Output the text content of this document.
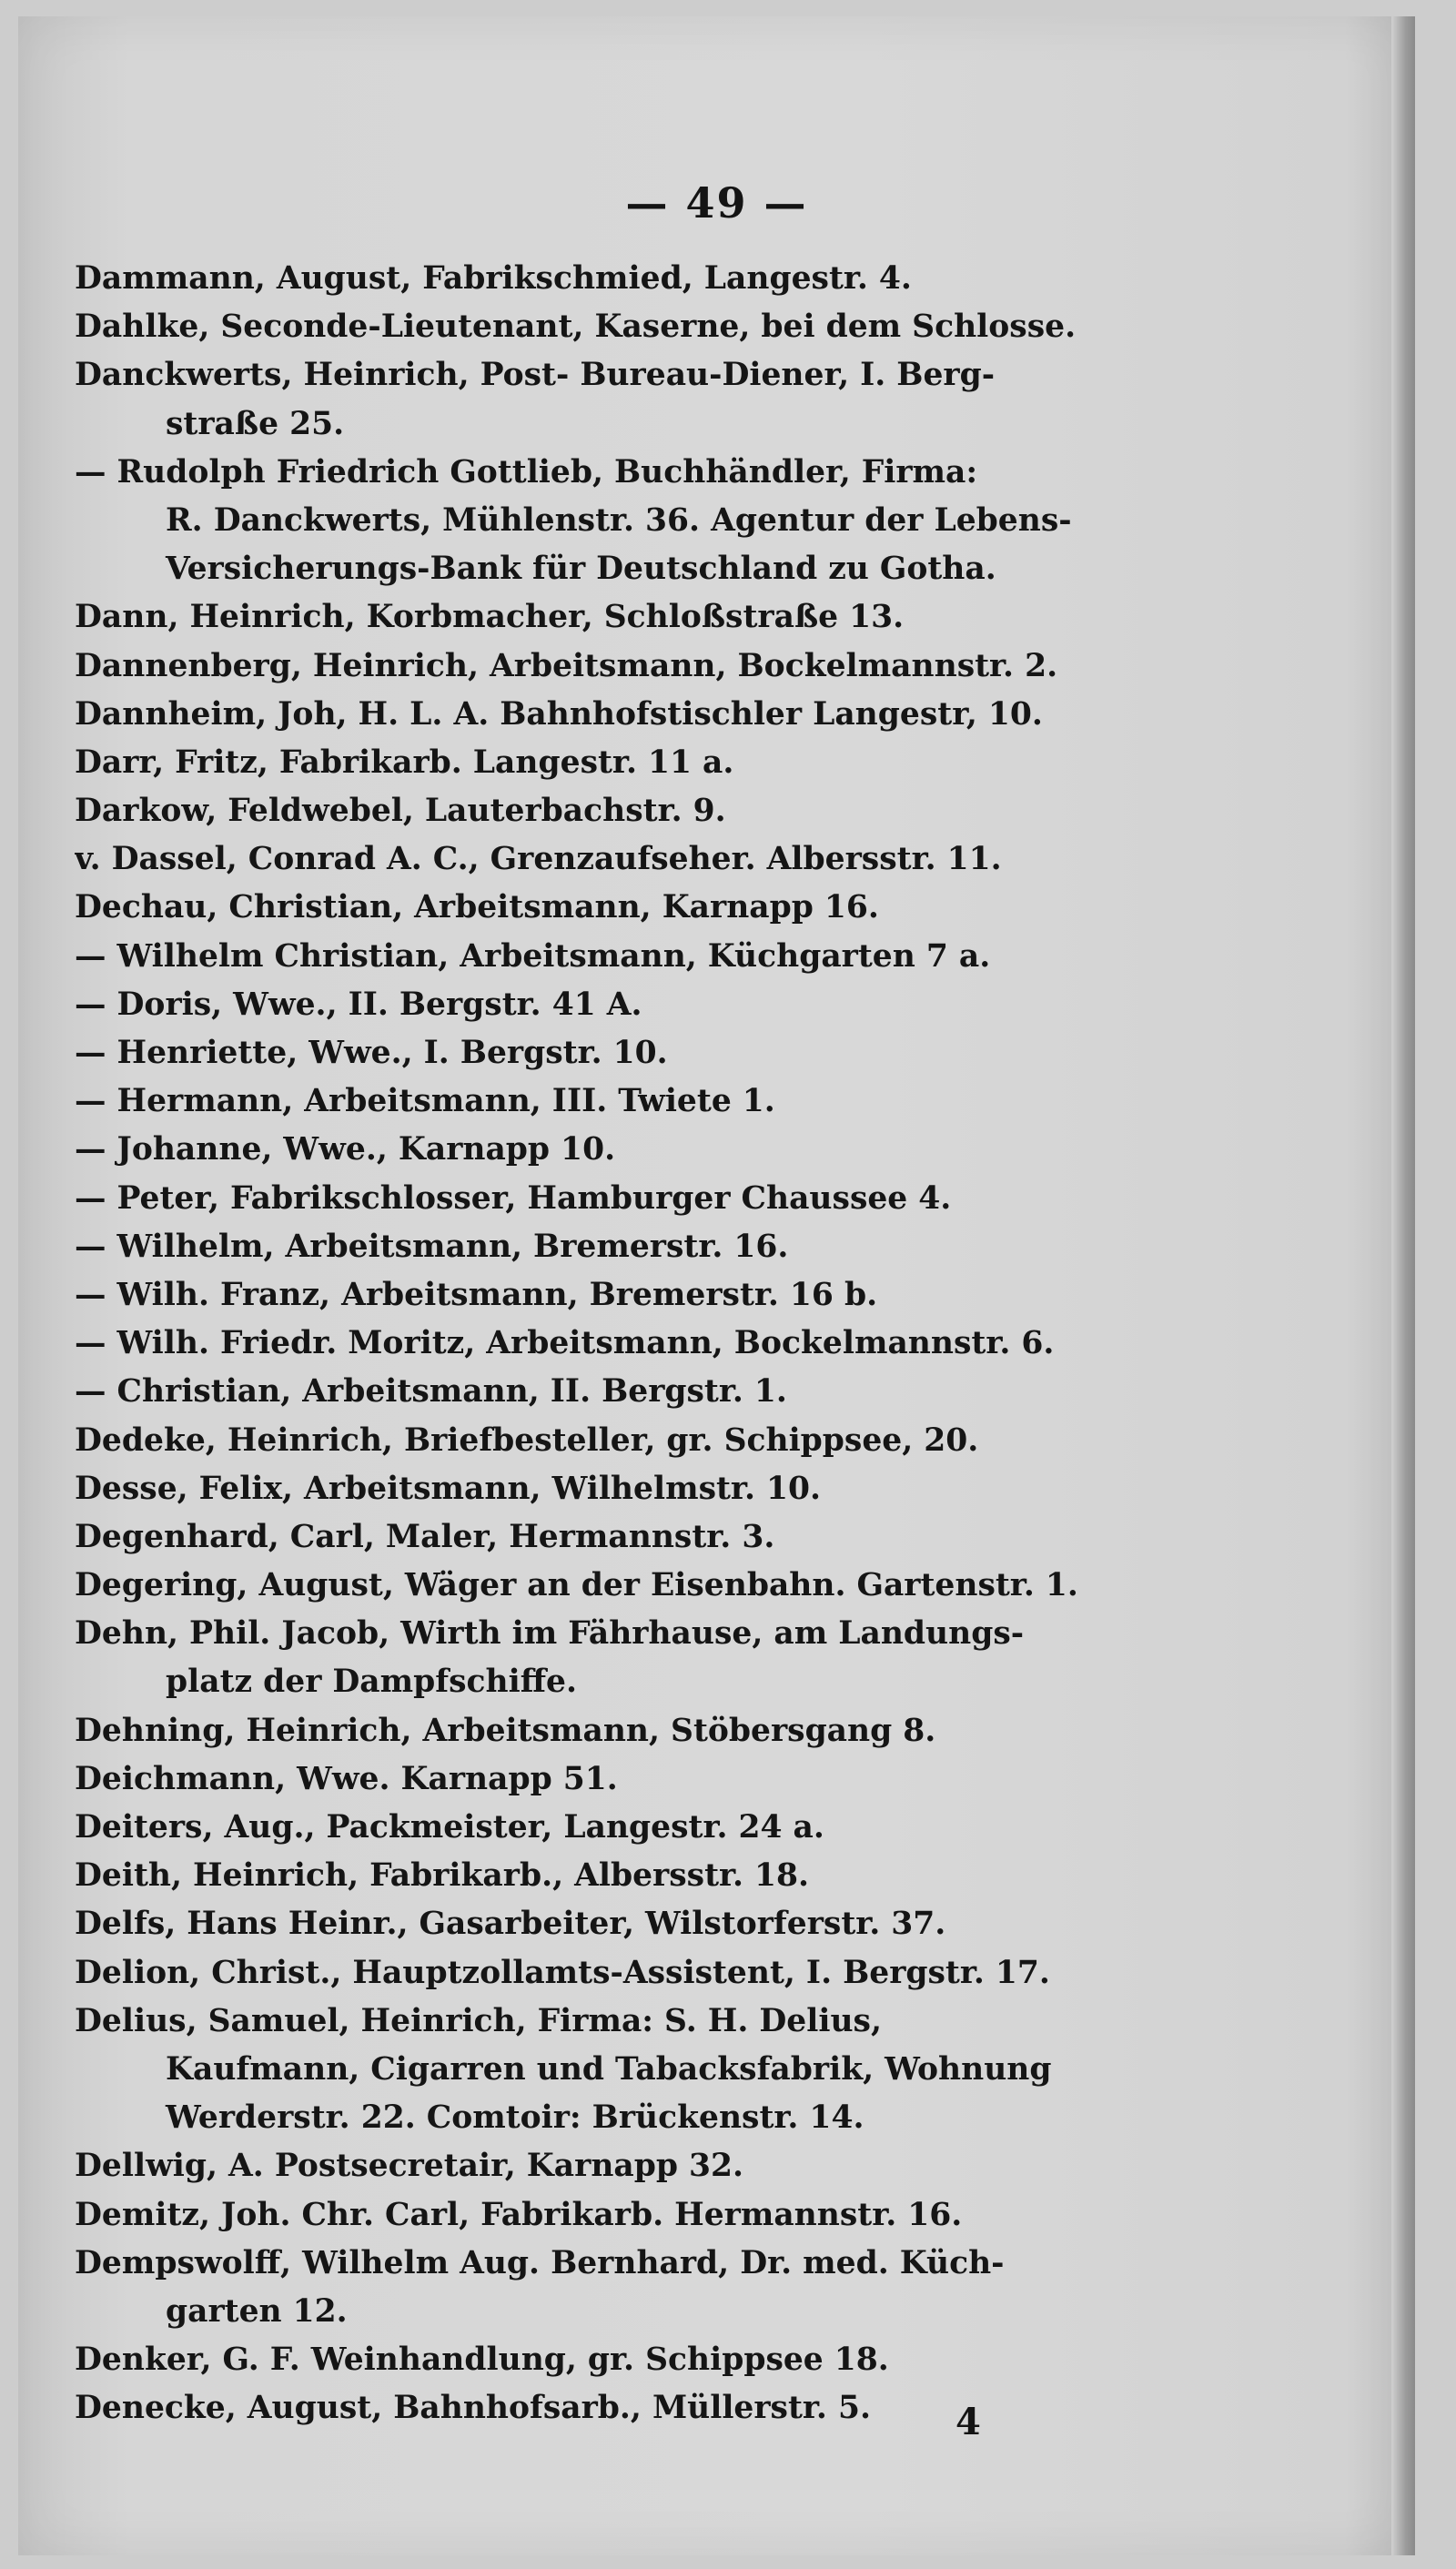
— 49 —
Dammann, August, Fabrikschmied, Langestr. 4.
Dahlke, Seconde-Lieutenant, Kaserne, bei dem Schlosse.
Danckwerts, Heinrich, Post- Bureau-Diener, I. Berg-
straße 25.
— Rudolph Friedrich Gottlieb, Buchhändler, Firma:
R. Danckwerts, Mühlenstr. 36. Agentur der Lebens-
Versicherungs-Bank für Deutschland zu Gotha.
Dann, Heinrich, Korbmacher, Schloßstraße 13.
Dannenberg, Heinrich, Arbeitsmann, Bockelmannstr. 2.
Dannheim, Joh, H. L. A. Bahnhofstischler Langestr, 10.
Darr, Fritz, Fabrikarb. Langestr. 11 a.
Darkow, Feldwebel, Lauterbachstr. 9.
v. Dassel, Conrad A. C., Grenzaufseher. Albersstr. 11.
Dechau, Christian, Arbeitsmann, Karnapp 16.
— Wilhelm Christian, Arbeitsmann, Küchgarten 7 a.
— Doris, Wwe., II. Bergstr. 41 A.
— Henriette, Wwe., I. Bergstr. 10.
— Hermann, Arbeitsmann, III. Twiete 1.
— Johanne, Wwe., Karnapp 10.
— Peter, Fabrikschlosser, Hamburger Chaussee 4.
— Wilhelm, Arbeitsmann, Bremerstr. 16.
— Wilh. Franz, Arbeitsmann, Bremerstr. 16 b.
— Wilh. Friedr. Moritz, Arbeitsmann, Bockelmannstr. 6.
— Christian, Arbeitsmann, II. Bergstr. 1.
Dedeke, Heinrich, Briefbesteller, gr. Schippsee, 20.
Desse, Felix, Arbeitsmann, Wilhelmstr. 10.
Degenhard, Carl, Maler, Hermannstr. 3.
Degering, August, Wäger an der Eisenbahn. Gartenstr. 1.
Dehn, Phil. Jacob, Wirth im Fährhause, am Landungs-
platz der Dampfschiffe.
Dehning, Heinrich, Arbeitsmann, Stöbersgang 8.
Deichmann, Wwe. Karnapp 51.
Deiters, Aug., Packmeister, Langestr. 24 a.
Deith, Heinrich, Fabrikarb., Albersstr. 18.
Delfs, Hans Heinr., Gasarbeiter, Wilstorferstr. 37.
Delion, Christ., Hauptzollamts-Assistent, I. Bergstr. 17.
Delius, Samuel, Heinrich, Firma: S. H. Delius,
Kaufmann, Cigarren und Tabacksfabrik, Wohnung
Werderstr. 22. Comtoir: Brückenstr. 14.
Dellwig, A. Postsecretair, Karnapp 32.
Demitz, Joh. Chr. Carl, Fabrikarb. Hermannstr. 16.
Dempswolff, Wilhelm Aug. Bernhard, Dr. med. Küch-
garten 12.
Denker, G. F. Weinhandlung, gr. Schippsee 18.
Denecke, August, Bahnhofsarb., Müllerstr. 5.	4
